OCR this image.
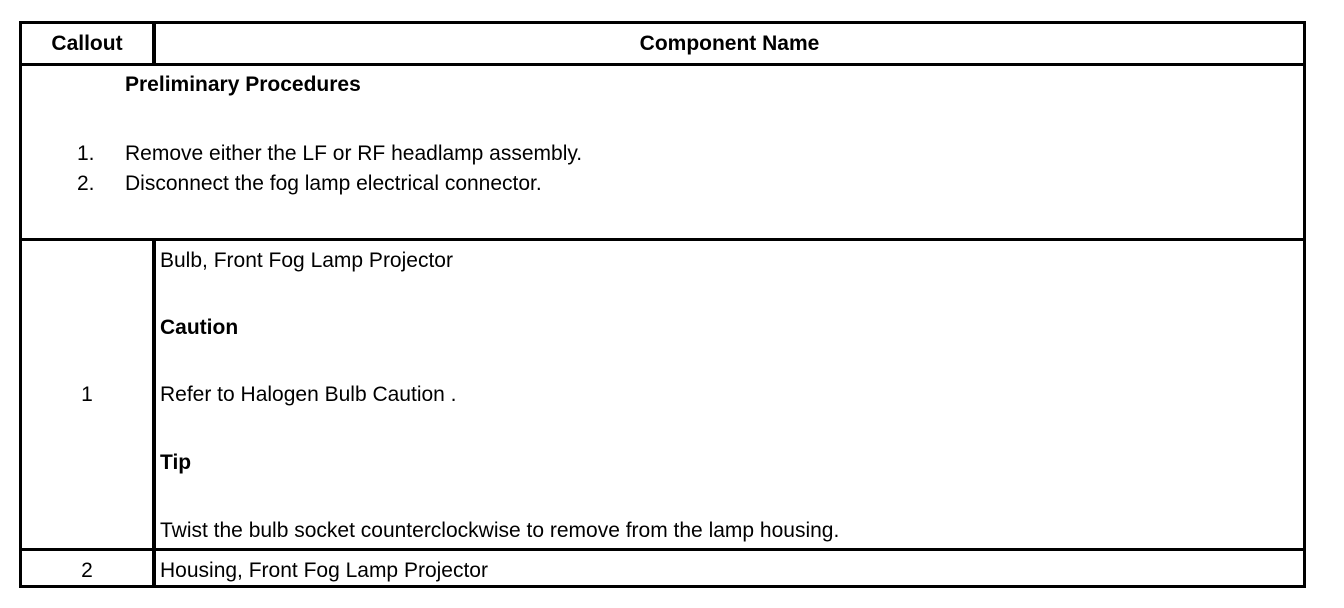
Callout	Component Name
Preliminary Procedures
1. Remove either the LF or RF headlamp assembly.
2. Disconnect the fog lamp electrical connector.
1
Bulb, Front Fog Lamp Projector
Caution
Refer to Halogen Bulb Caution .
Tip
Twist the bulb socket counterclockwise to remove from the lamp housing.
2	Housing, Front Fog Lamp Projector
